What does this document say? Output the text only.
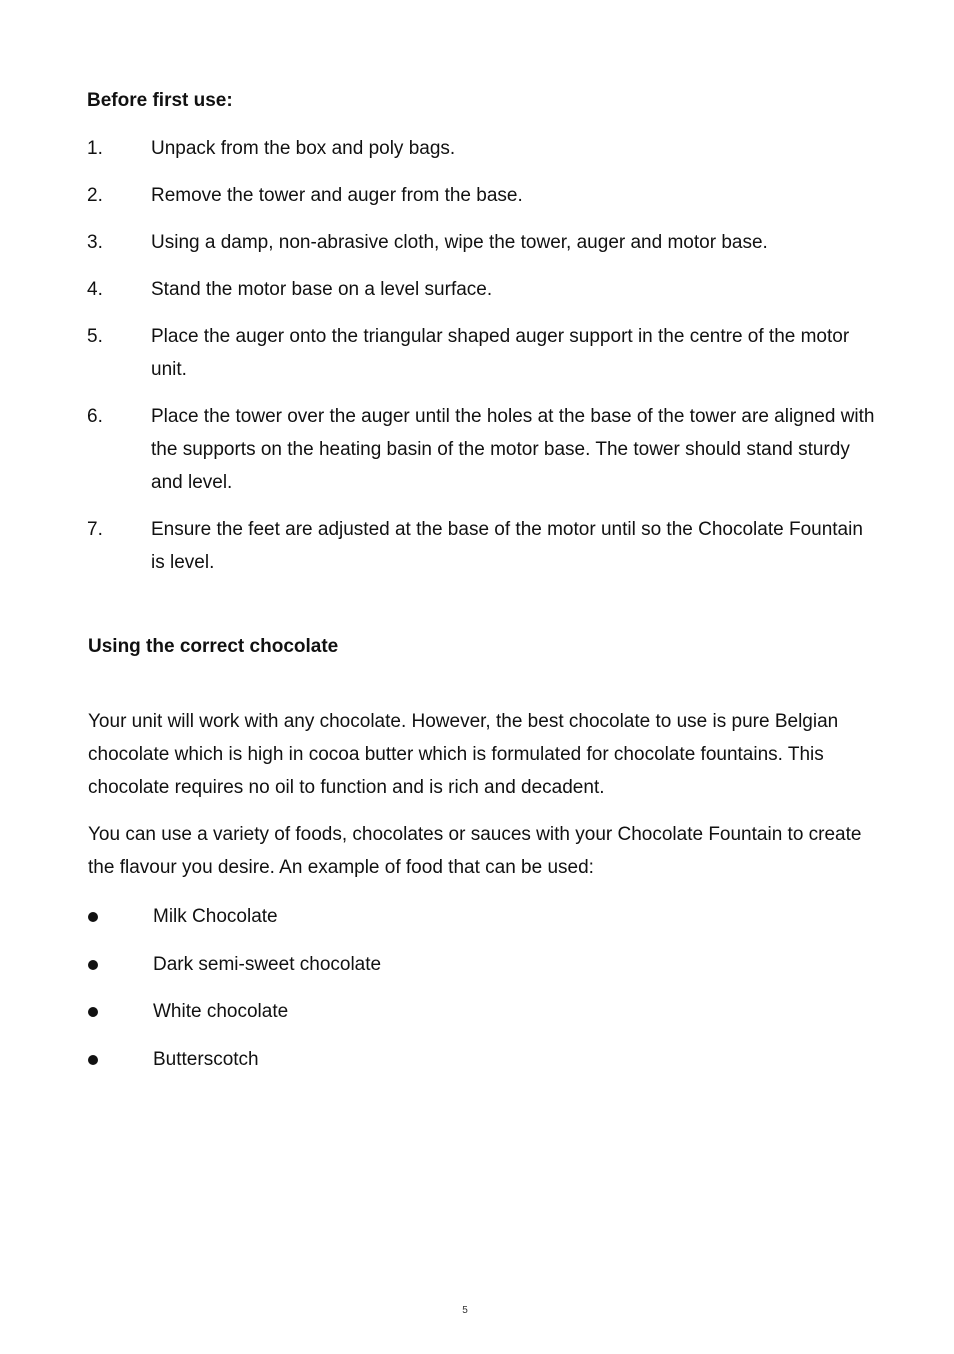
Before first use:
1.	Unpack from the box and poly bags.
2.	Remove the tower and auger from the base.
3.	Using a damp, non-abrasive cloth, wipe the tower, auger and motor base.
4.	Stand the motor base on a level surface.
5.	Place the auger onto the triangular shaped auger support in the centre of the motor unit.
6.	Place the tower over the auger until the holes at the base of the tower are aligned with the supports on the heating basin of the motor base. The tower should stand sturdy and level.
7.	Ensure the feet are adjusted at the base of the motor until so the Chocolate Fountain is level.
Using the correct chocolate

Your unit will work with any chocolate. However, the best chocolate to use is pure Belgian chocolate which is high in cocoa butter which is formulated for chocolate fountains. This chocolate requires no oil to function and is rich and decadent.

You can use a variety of foods, chocolates or sauces with your Chocolate Fountain to create the flavour you desire. An example of food that can be used:

Milk Chocolate
Dark semi-sweet chocolate
White chocolate
Butterscotch
5
